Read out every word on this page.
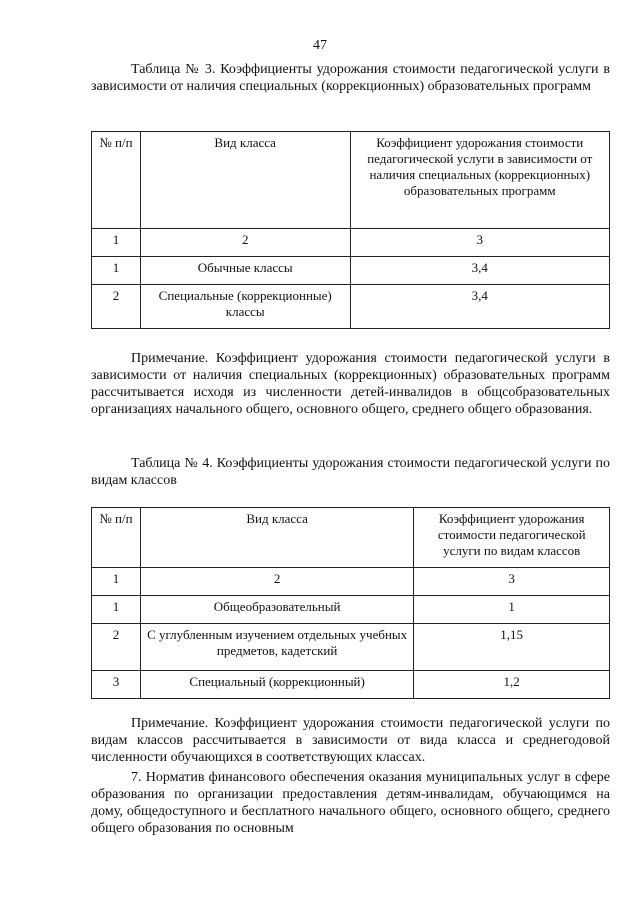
47
Таблица № 3. Коэффициенты удорожания стоимости педагогической услуги в зависимости от наличия специальных (коррекционных) образовательных программ
№ п/п	Вид класса	Коэффициент удорожания стоимости педагогической услуги в зависимости от наличия специальных (коррекционных) образовательных программ
1	2	3
1	Обычные классы	3,4
2	Специальные (коррекционные) классы	3,4
Примечание. Коэффициент удорожания стоимости педагогической услуги в зависимости от наличия специальных (коррекционных) образовательных программ рассчитывается исходя из численности детей-инвалидов в общсобразовательных организациях начального общего, основного общего, среднего общего образования.
Таблица № 4. Коэффициенты удорожания стоимости педагогической услуги по видам классов
№ п/п	Вид класса	Коэффициент удорожания стоимости педагогической услуги по видам классов
1	2	3
1	Общеобразовательный	1
2	С углубленным изучением отдельных учебных предметов, кадетский	1,15
3	Специальный (коррекционный)	1,2
Примечание. Коэффициент удорожания стоимости педагогической услуги по видам классов рассчитывается в зависимости от вида класса и среднегодовой численности обучающихся в соответствующих классах.
7. Норматив финансового обеспечения оказания муниципальных услуг в сфере образования по организации предоставления детям-инвалидам, обучающимся на дому, общедоступного и бесплатного начального общего, основного общего, среднего общего образования по основным
